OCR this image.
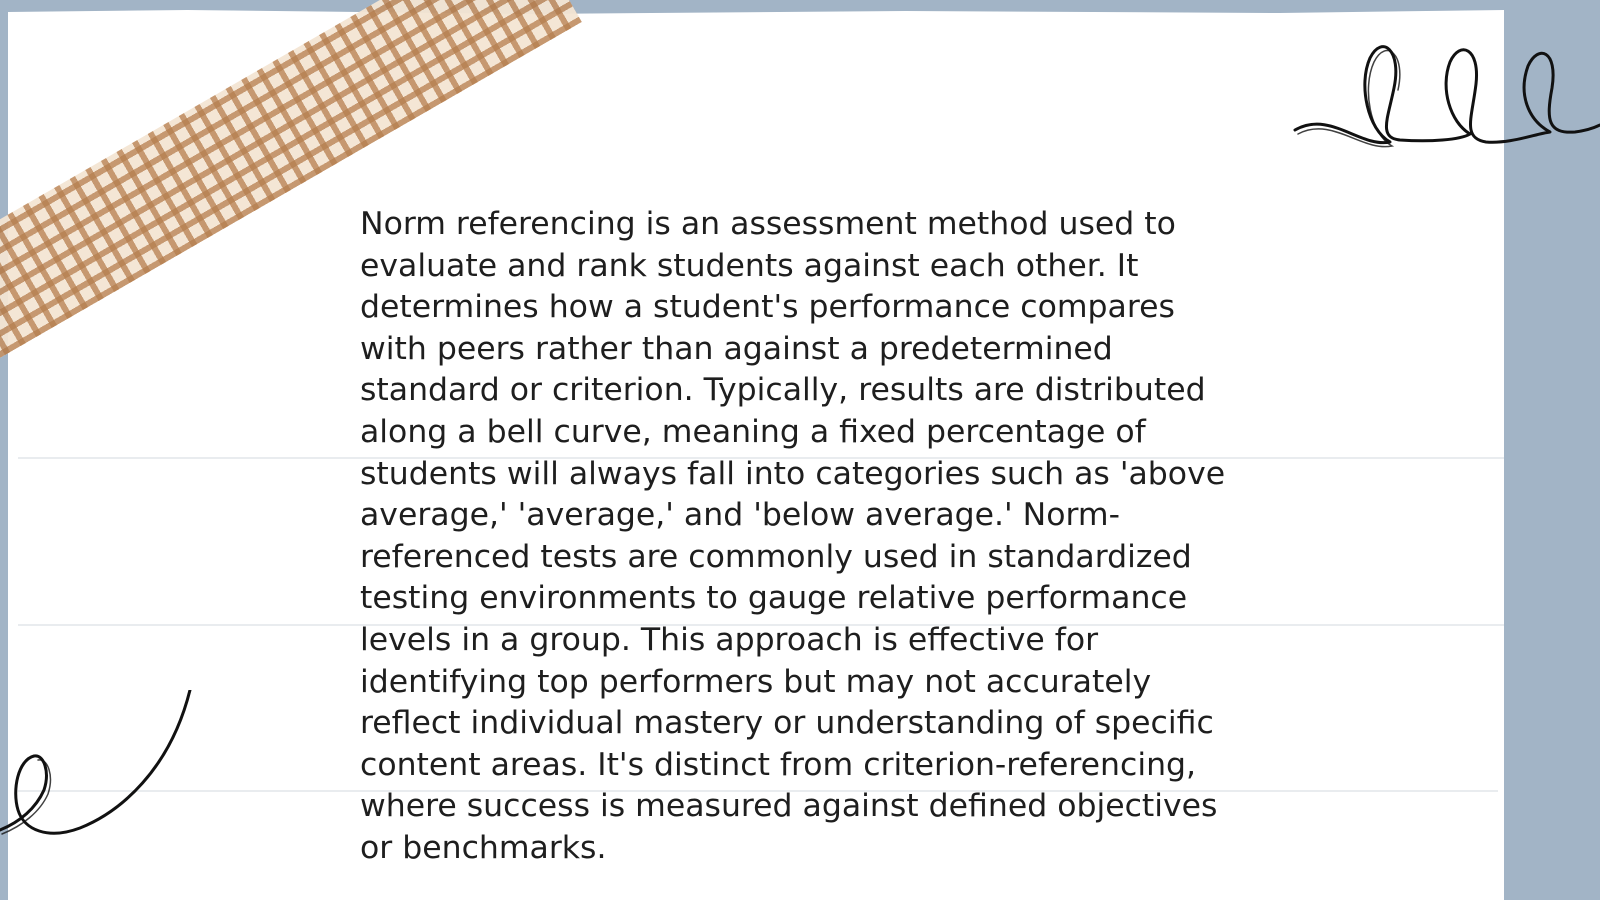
Norm referencing is an assessment method used to evaluate and rank students against each other. It determines how a student's performance compares with peers rather than against a predetermined standard or criterion. Typically, results are distributed along a bell curve, meaning a fixed percentage of students will always fall into categories such as 'above average,' 'average,' and 'below average.' Norm-referenced tests are commonly used in standardized testing environments to gauge relative performance levels in a group. This approach is effective for identifying top performers but may not accurately reflect individual mastery or understanding of specific content areas. It's distinct from criterion-referencing, where success is measured against defined objectives or benchmarks.
